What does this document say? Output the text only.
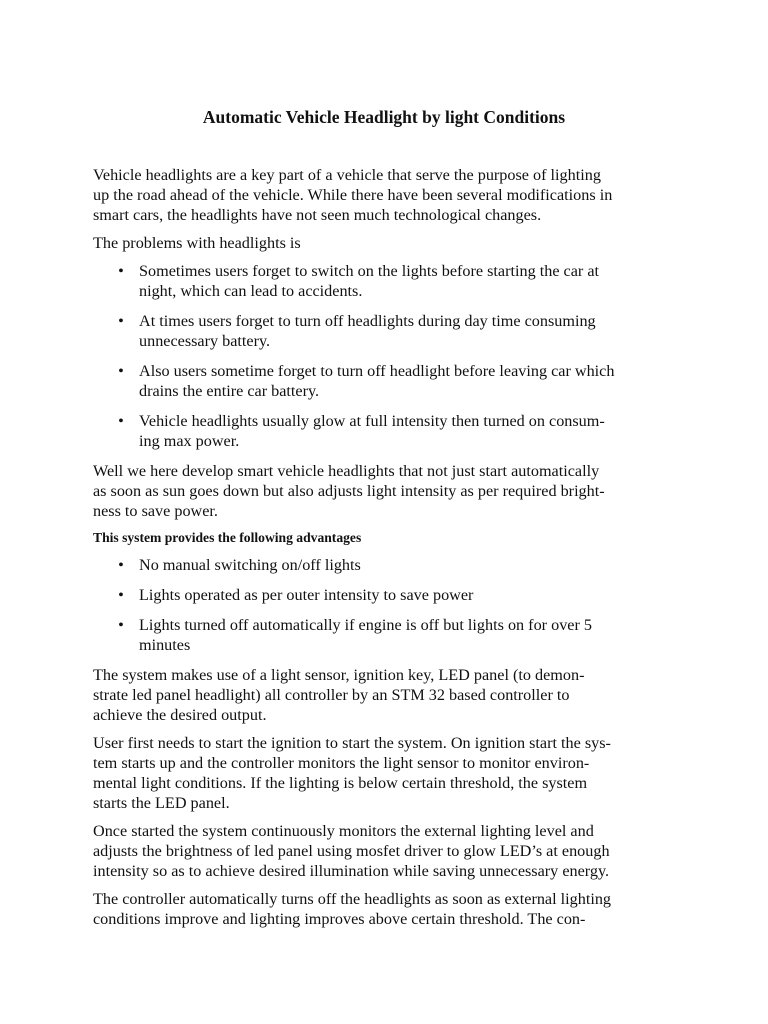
Automatic Vehicle Headlight by light Conditions

Vehicle headlights are a key part of a vehicle that serve the purpose of lighting
up the road ahead of the vehicle. While there have been several modifications in
smart cars, the headlights have not seen much technological changes.

The problems with headlights is

• Sometimes users forget to switch on the lights before starting the car at
night, which can lead to accidents.
• At times users forget to turn off headlights during day time consuming
unnecessary battery.
• Also users sometime forget to turn off headlight before leaving car which
drains the entire car battery.
• Vehicle headlights usually glow at full intensity then turned on consum-
ing max power.

Well we here develop smart vehicle headlights that not just start automatically
as soon as sun goes down but also adjusts light intensity as per required bright-
ness to save power.

This system provides the following advantages

• No manual switching on/off lights
• Lights operated as per outer intensity to save power
• Lights turned off automatically if engine is off but lights on for over 5
minutes

The system makes use of a light sensor, ignition key, LED panel (to demon-
strate led panel headlight) all controller by an STM 32 based controller to
achieve the desired output.

User first needs to start the ignition to start the system. On ignition start the sys-
tem starts up and the controller monitors the light sensor to monitor environ-
mental light conditions. If the lighting is below certain threshold, the system
starts the LED panel.

Once started the system continuously monitors the external lighting level and
adjusts the brightness of led panel using mosfet driver to glow LED’s at enough
intensity so as to achieve desired illumination while saving unnecessary energy.

The controller automatically turns off the headlights as soon as external lighting
conditions improve and lighting improves above certain threshold. The con-
